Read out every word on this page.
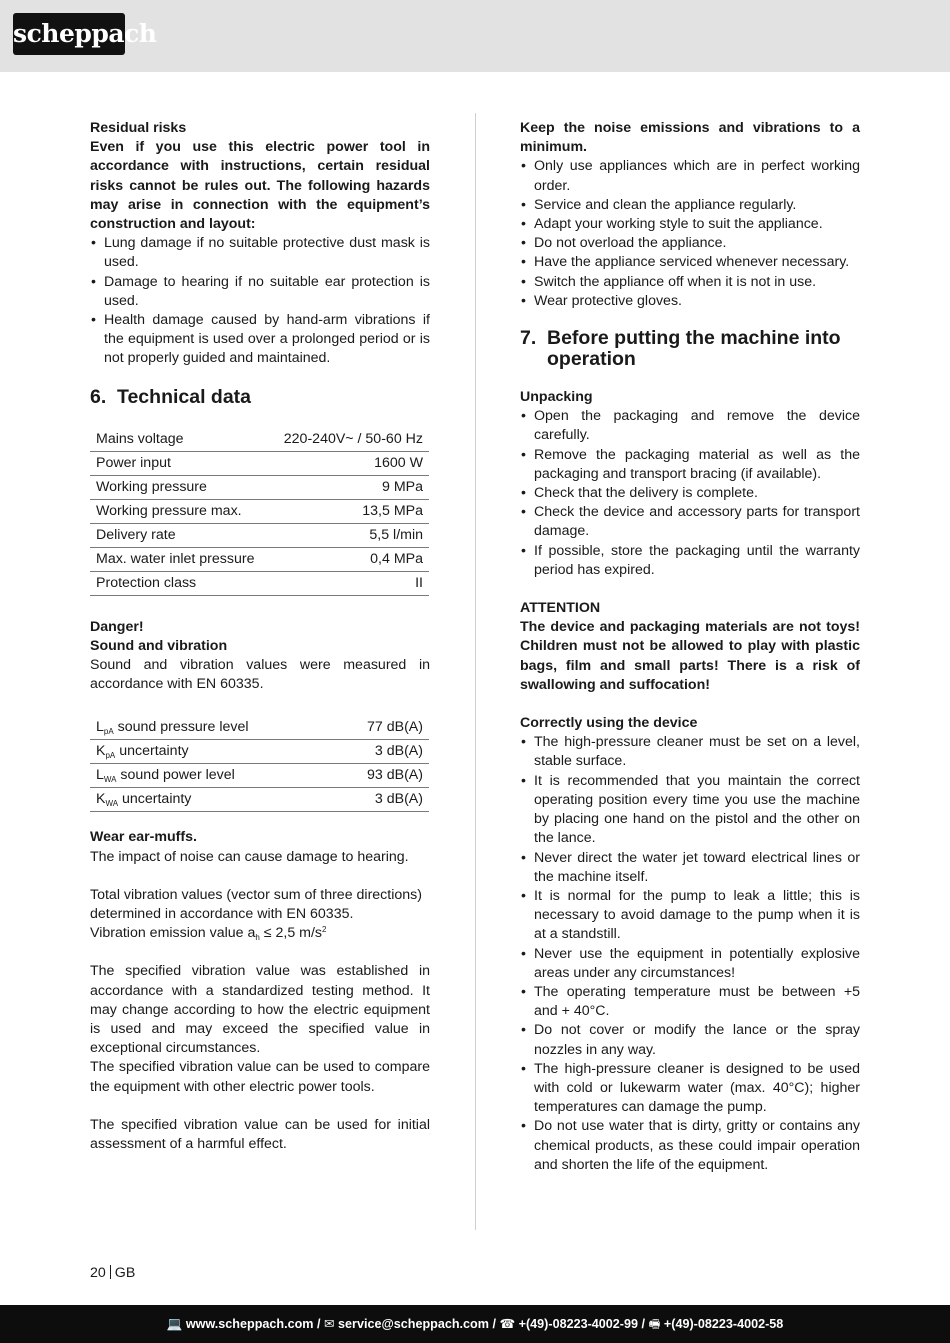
scheppach

Residual risks

Even if you use this electric power tool in accordance with instructions, certain residual risks cannot be rules out. The following hazards may arise in connection with the equipment’s construction and layout:

• Lung damage if no suitable protective dust mask is used.
• Damage to hearing if no suitable ear protection is used.
• Health damage caused by hand-arm vibrations if the equipment is used over a prolonged period or is not properly guided and maintained.
6. Technical data
Mains voltage	220-240V~ / 50-60 Hz
Power input	1600 W
Working pressure	9 MPa
Working pressure max.	13,5 MPa
Delivery rate	5,5 l/min
Max. water inlet pressure	0,4 MPa
Protection class	II

Danger!

Sound and vibration

Sound and vibration values were measured in accordance with EN 60335.

$L_{pA}$ sound pressure level	77 dB(A)
$K_{pA}$ uncertainty	3 dB(A)
$L_{WA}$ sound power level	93 dB(A)
$K_{WA}$ uncertainty	3 dB(A)

Wear ear-muffs.

The impact of noise can cause damage to hearing.

Total vibration values (vector sum of three directions) determined in accordance with EN 60335.

Vibration emission value $a_h \le 2,5$ $m/s^2$

The specified vibration value was established in accordance with a standardized testing method. It may change according to how the electric equipment is used and may exceed the specified value in exceptional circumstances.

The specified vibration value can be used to compare the equipment with other electric power tools.

The specified vibration value can be used for initial assessment of a harmful effect.

Keep the noise emissions and vibrations to a minimum.

• Only use appliances which are in perfect working order.
• Service and clean the appliance regularly.
• Adapt your working style to suit the appliance.
• Do not overload the appliance.
• Have the appliance serviced whenever necessary.
• Switch the appliance off when it is not in use.
• Wear protective gloves.
7. Before putting the machine into operation

Unpacking

• Open the packaging and remove the device carefully.
• Remove the packaging material as well as the packaging and transport bracing (if available).
• Check that the delivery is complete.
• Check the device and accessory parts for transport damage.
• If possible, store the packaging until the warranty period has expired.

ATTENTION

The device and packaging materials are not toys! Children must not be allowed to play with plastic bags, film and small parts! There is a risk of swallowing and suffocation!

Correctly using the device

• The high-pressure cleaner must be set on a level, stable surface.
• It is recommended that you maintain the correct operating position every time you use the machine by placing one hand on the pistol and the other on the lance.
• Never direct the water jet toward electrical lines or the machine itself.
• It is normal for the pump to leak a little; this is necessary to avoid damage to the pump when it is at a standstill.
• Never use the equipment in potentially explosive areas under any circumstances!
• The operating temperature must be between +5 and + 40°C.
• Do not cover or modify the lance or the spray nozzles in any way.
• The high-pressure cleaner is designed to be used with cold or lukewarm water (max. 40°C); higher temperatures can damage the pump.
• Do not use water that is dirty, gritty or contains any chemical products, as these could impair operation and shorten the life of the equipment.
20 GB
💻 www.scheppach.com / ✉ service@scheppach.com / ☎ +(49)-08223-4002-99 / 🖷 +(49)-08223-4002-58
